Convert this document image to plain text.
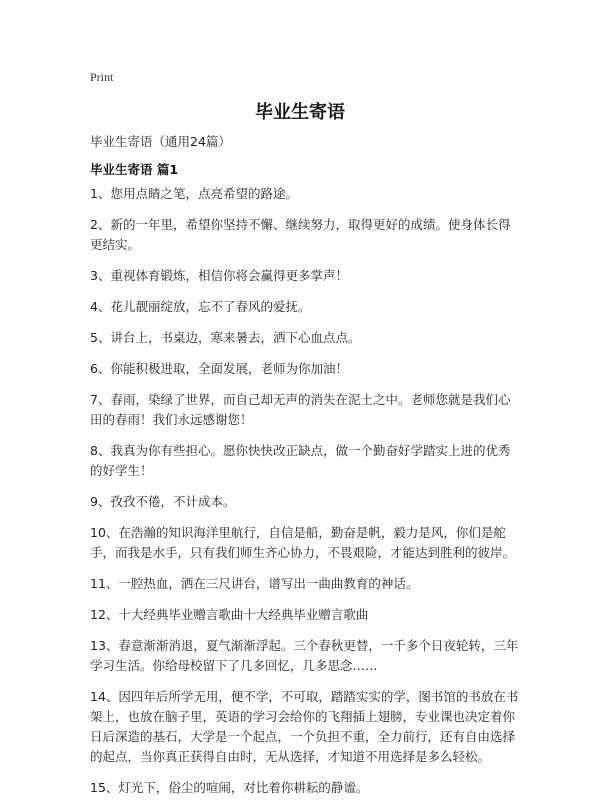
Print
毕业生寄语
毕业生寄语（通用24篇）
毕业生寄语 篇1
1、您用点睛之笔，点亮希望的路途。
2、新的一年里，希望你坚持不懈、继续努力，取得更好的成绩。使身体长得更结实。
3、重视体育锻炼，相信你将会赢得更多掌声！
4、花儿靓丽绽放，忘不了春风的爱抚。
5、讲台上，书桌边，寒来暑去，洒下心血点点。
6、你能积极进取，全面发展，老师为你加油！
7、春雨，染绿了世界，而自己却无声的消失在泥土之中。老师您就是我们心田的春雨！我们永远感谢您！
8、我真为你有些担心。愿你快快改正缺点，做一个勤奋好学踏实上进的优秀的好学生！
9、孜孜不倦，不计成本。
10、在浩瀚的知识海洋里航行，自信是船，勤奋是帆，毅力是风，你们是舵手，而我是水手，只有我们师生齐心协力，不畏艰险，才能达到胜利的彼岸。
11、一腔热血，洒在三尺讲台，谱写出一曲曲教育的神话。
12、十大经典毕业赠言歌曲十大经典毕业赠言歌曲
13、春意渐渐消退，夏气渐渐浮起。三个春秋更替，一千多个日夜轮转，三年学习生活。你给母校留下了几多回忆，几多思念……
14、因四年后所学无用，便不学，不可取，踏踏实实的学，图书馆的书放在书架上，也放在脑子里，英语的学习会给你的飞翔插上翅膀，专业课也决定着你日后深造的基石，大学是一个起点，一个负担不重，全力前行，还有自由选择的起点，当你真正获得自由时，无从选择，才知道不用选择是多么轻松。
15、灯光下，俗尘的喧闹，对比着你耕耘的静谧。
